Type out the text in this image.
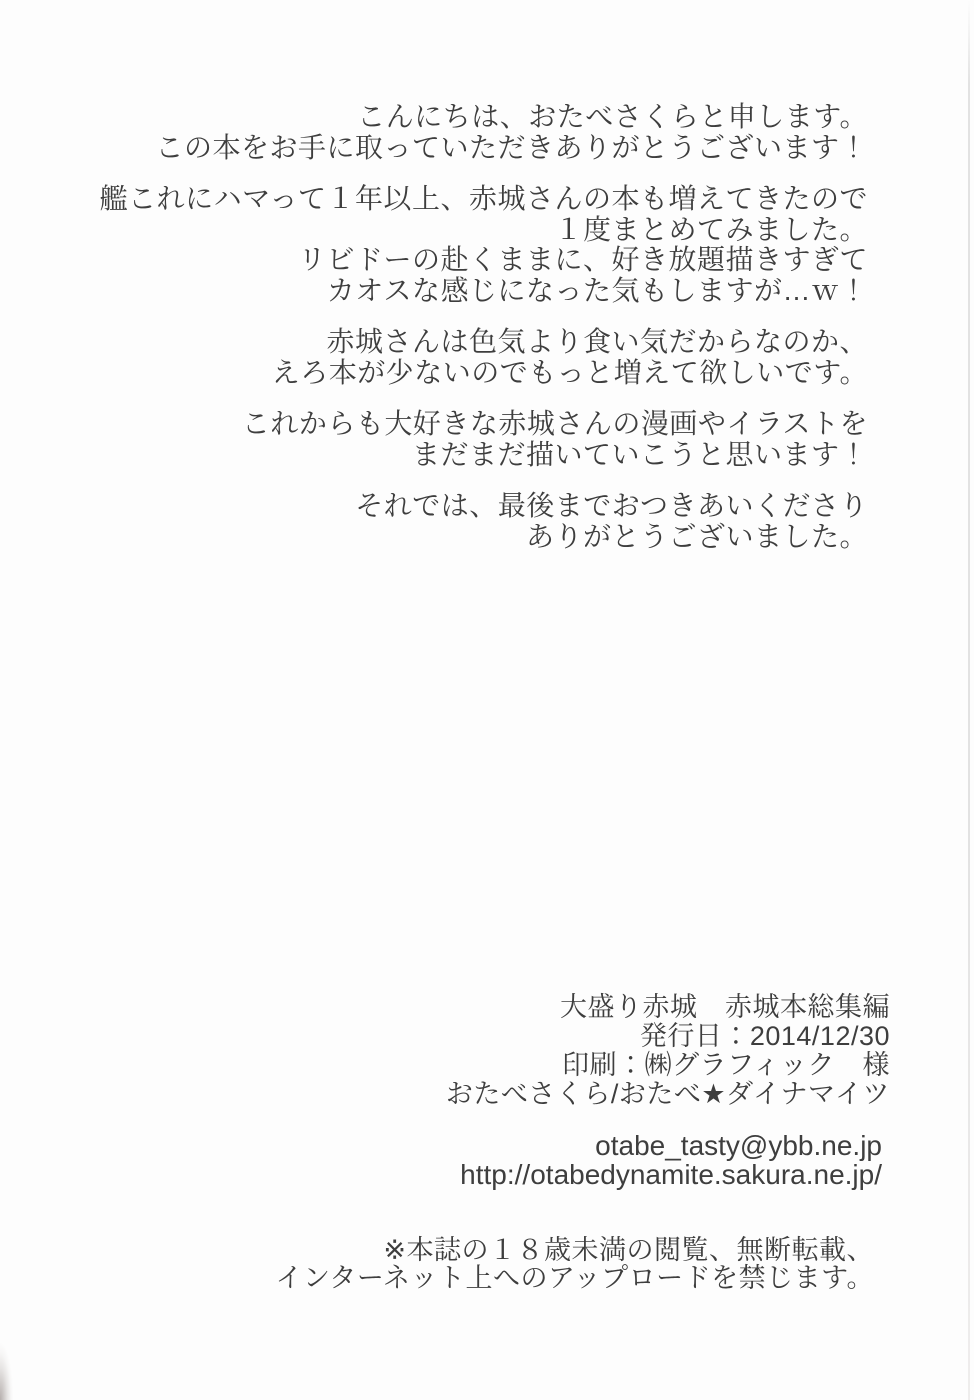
こんにちは、おたべさくらと申します。
この本をお手に取っていただきありがとうございます！

艦これにハマって１年以上、赤城さんの本も増えてきたので
１度まとめてみました。
リビドーの赴くままに、好き放題描きすぎて
カオスな感じになった気もしますが…ｗ！

赤城さんは色気より食い気だからなのか、
えろ本が少ないのでもっと増えて欲しいです。

これからも大好きな赤城さんの漫画やイラストを
まだまだ描いていこうと思います！

それでは、最後までおつきあいくださり
ありがとうございました。

大盛り赤城　赤城本総集編
発行日：2014/12/30
印刷：㈱グラフィック　様
おたべさくら/おたべ★ダイナマイツ
otabe_tasty@ybb.ne.jp
http://otabedynamite.sakura.ne.jp/
※本誌の１８歳未満の閲覧、無断転載、
インターネット上へのアップロードを禁じます。
